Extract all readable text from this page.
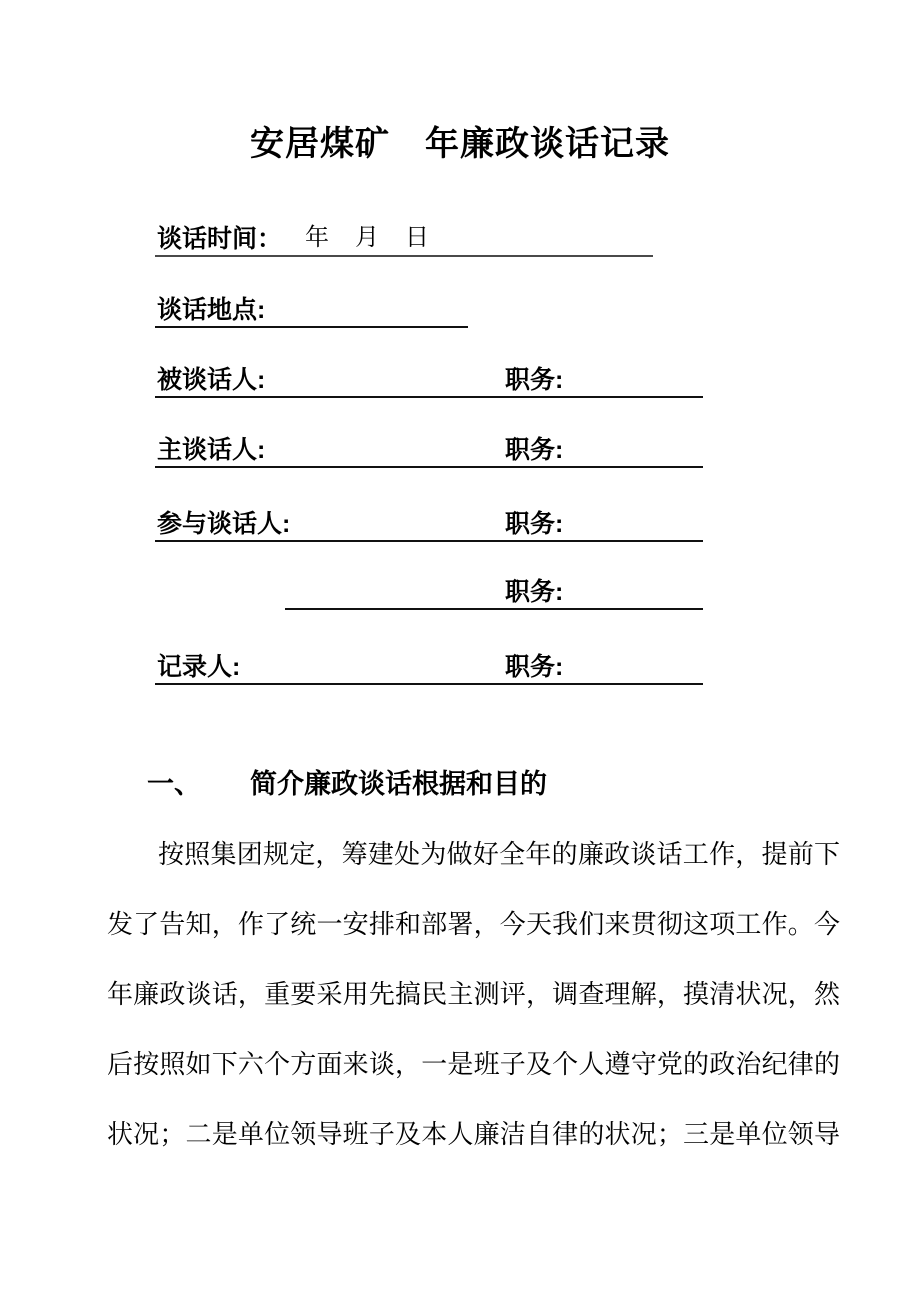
安居煤矿　年廉政谈话记录
谈话时间： 年 月 日
谈话地点:
被谈话人:	职务:
主谈话人:	职务:
参与谈话人:	职务:
职务:
记录人:	职务:
一、 简介廉政谈话根据和目的
按照集团规定，筹建处为做好全年的廉政谈话工作，提前下
发了告知，作了统一安排和部署，今天我们来贯彻这项工作。今
年廉政谈话，重要采用先搞民主测评，调查理解，摸清状况，然
后按照如下六个方面来谈，一是班子及个人遵守党的政治纪律的
状况；二是单位领导班子及本人廉洁自律的状况；三是单位领导
